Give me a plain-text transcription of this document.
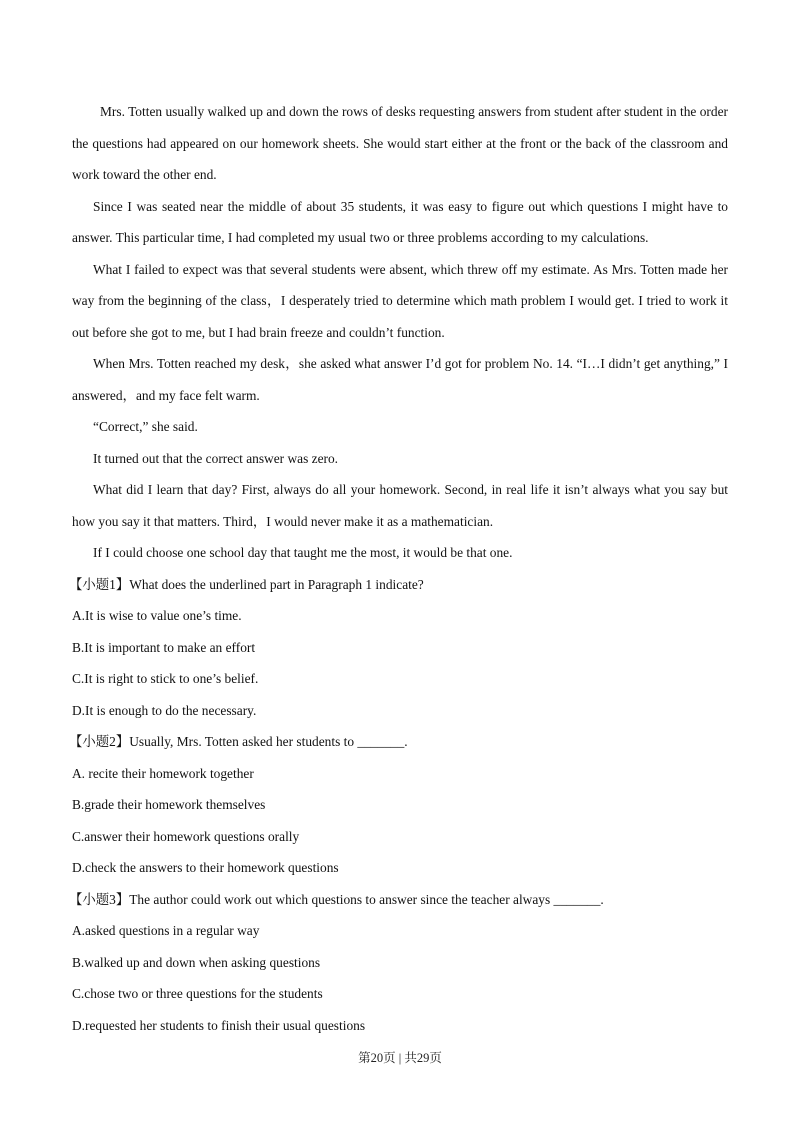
Mrs. Totten usually walked up and down the rows of desks requesting answers from student after student in the order the questions had appeared on our homework sheets. She would start either at the front or the back of the classroom and work toward the other end.

Since I was seated near the middle of about 35 students, it was easy to figure out which questions I might have to answer. This particular time, I had completed my usual two or three problems according to my calculations.

What I failed to expect was that several students were absent, which threw off my estimate. As Mrs. Totten made her way from the beginning of the class，I desperately tried to determine which math problem I would get. I tried to work it out before she got to me, but I had brain freeze and couldn’t function.

When Mrs. Totten reached my desk，she asked what answer I’d got for problem No. 14. “I…I didn’t get anything,” I answered，and my face felt warm.

“Correct,” she said.

It turned out that the correct answer was zero.

What did I learn that day? First, always do all your homework. Second, in real life it isn’t always what you say but how you say it that matters. Third，I would never make it as a mathematician.

If I could choose one school day that taught me the most, it would be that one.

【小题1】What does the underlined part in Paragraph 1 indicate?

A.It is wise to value one’s time.

B.It is important to make an effort

C.It is right to stick to one’s belief.

D.It is enough to do the necessary.

【小题2】Usually, Mrs. Totten asked her students to _______.

A. recite their homework together

B.grade their homework themselves

C.answer their homework questions orally

D.check the answers to their homework questions

【小题3】The author could work out which questions to answer since the teacher always _______.

A.asked questions in a regular way

B.walked up and down when asking questions

C.chose two or three questions for the students

D.requested her students to finish their usual questions

第20页 | 共29页
